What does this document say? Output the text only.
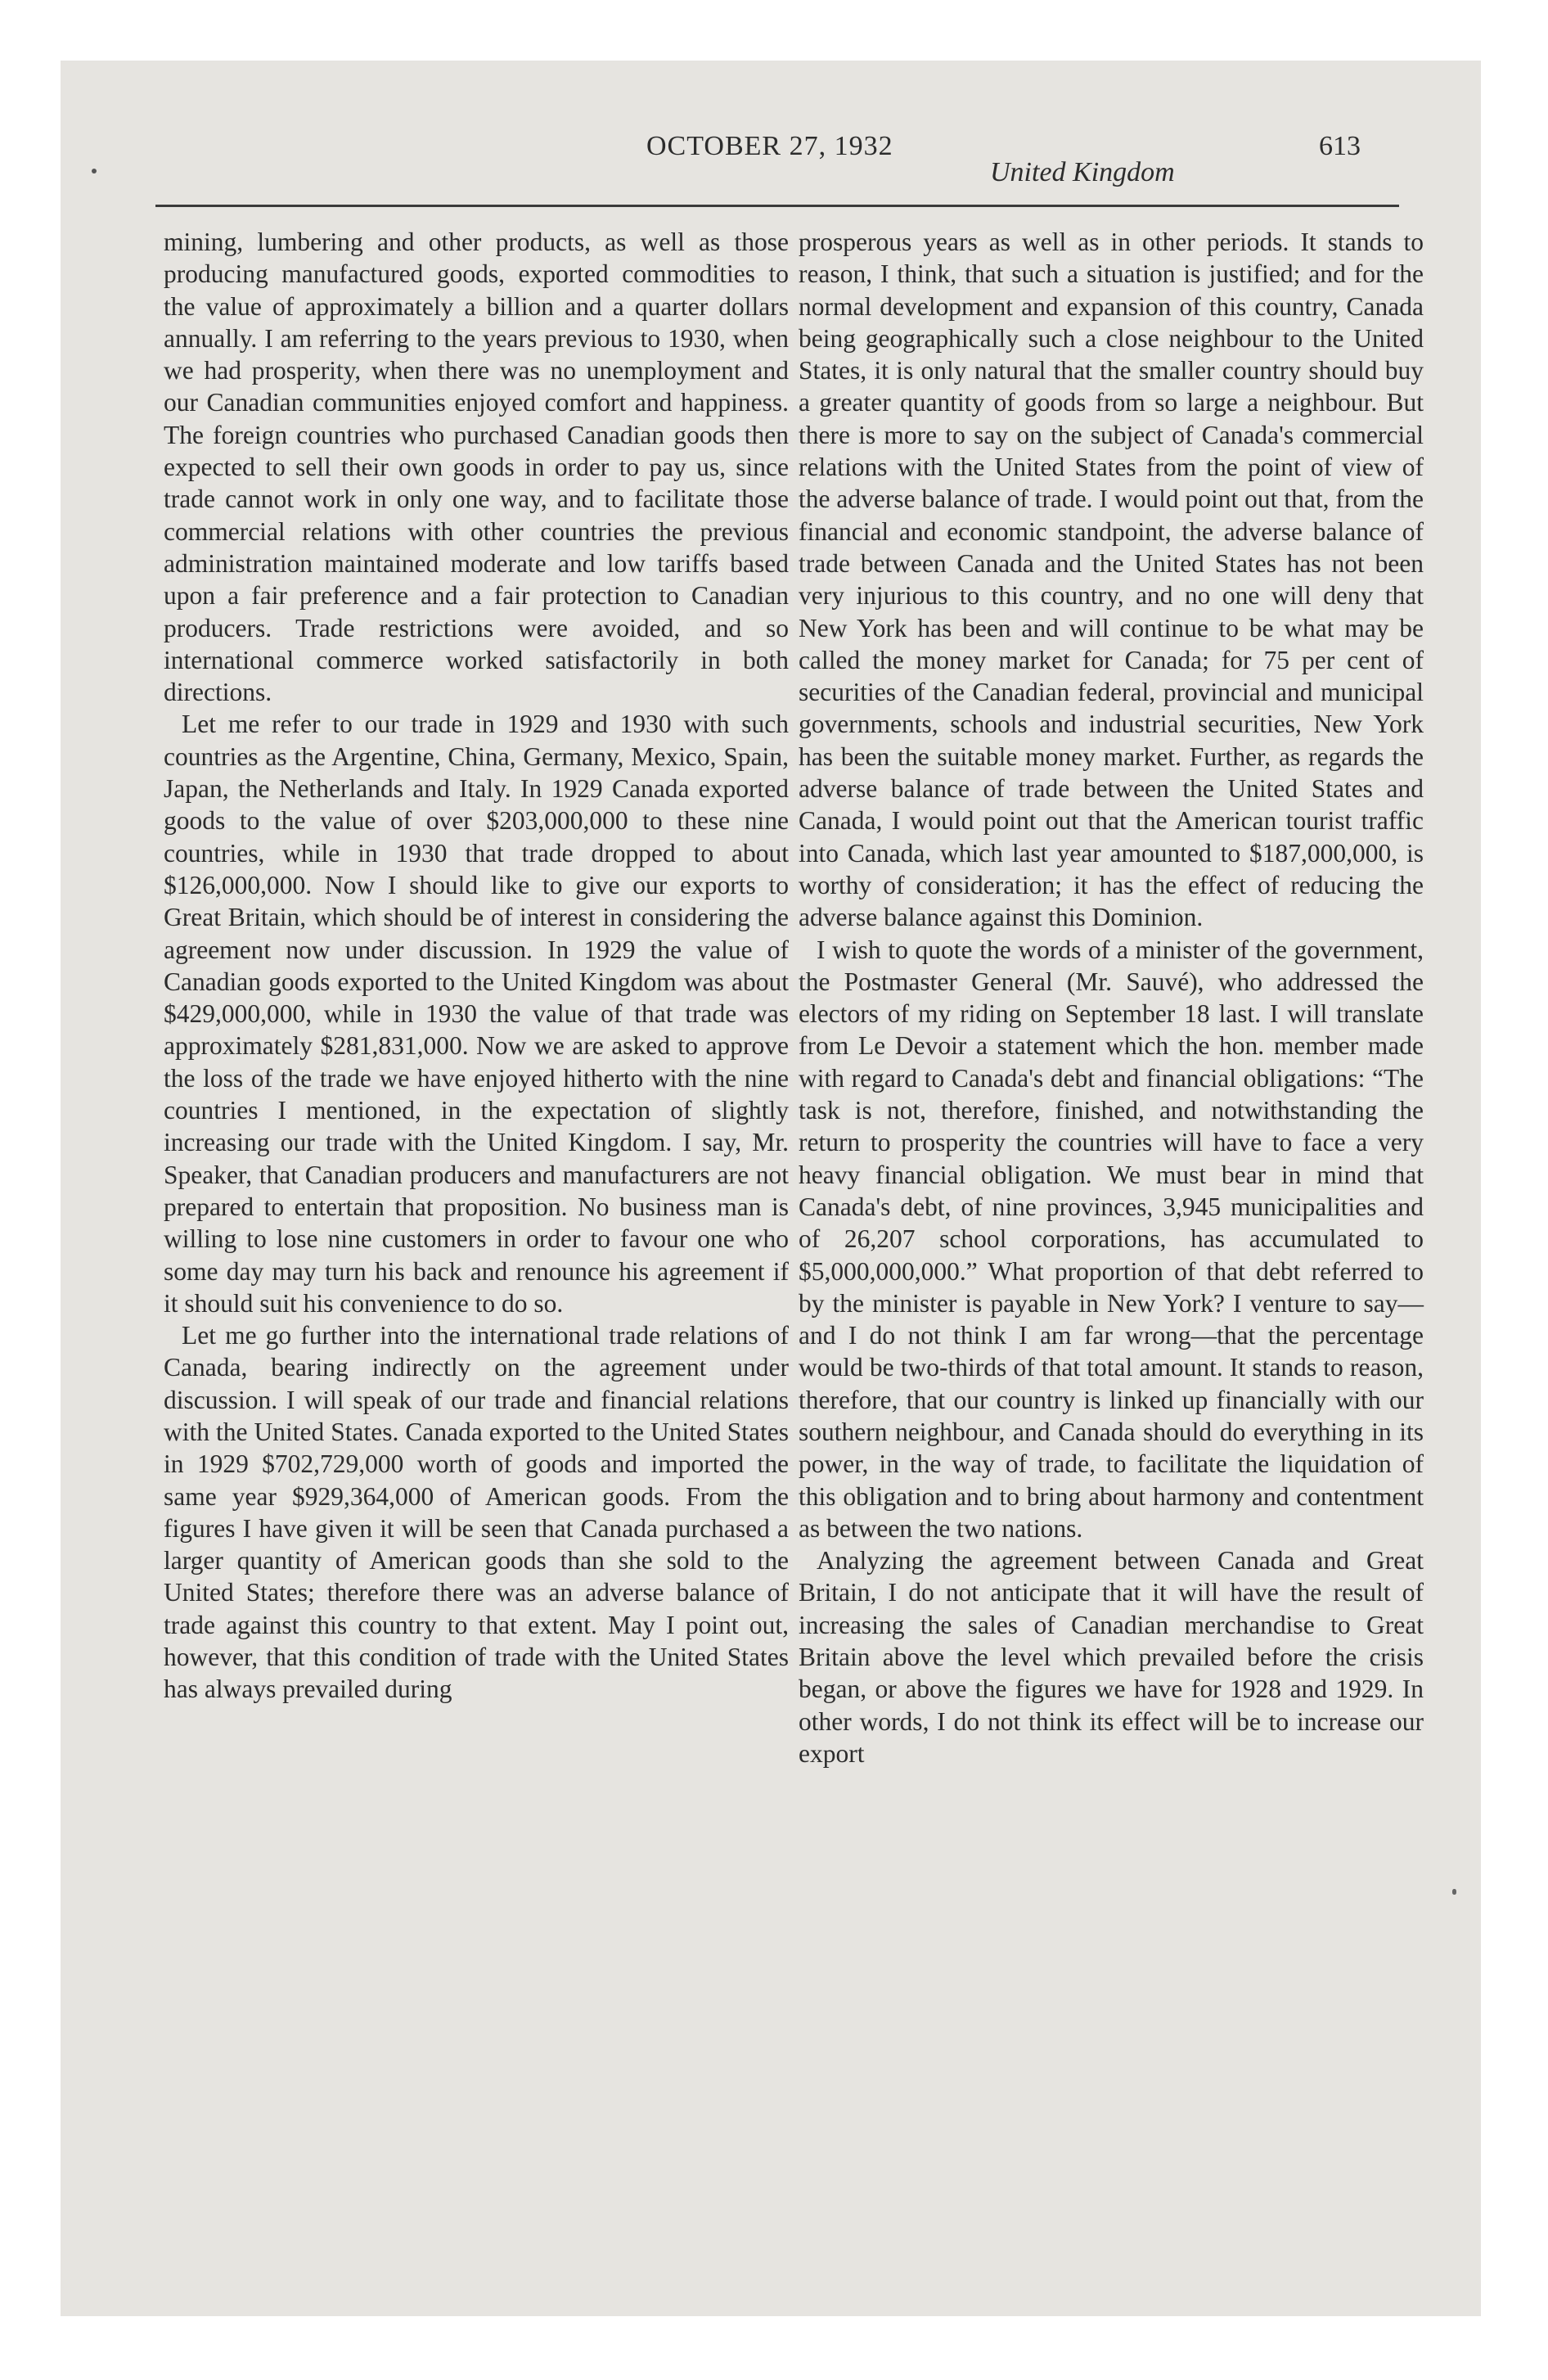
OCTOBER 27, 1932
United Kingdom
613

mining, lumbering and other products, as well as those producing manufactured goods, exported commodities to the value of approximately a billion and a quarter dollars annually. I am referring to the years previous to 1930, when we had prosperity, when there was no unemployment and our Canadian communities enjoyed comfort and happiness. The foreign countries who purchased Canadian goods then expected to sell their own goods in order to pay us, since trade cannot work in only one way, and to facilitate those commercial relations with other countries the previous administration maintained moderate and low tariffs based upon a fair preference and a fair protection to Canadian producers. Trade restrictions were avoided, and so international commerce worked satisfactorily in both directions.

Let me refer to our trade in 1929 and 1930 with such countries as the Argentine, China, Germany, Mexico, Spain, Japan, the Netherlands and Italy. In 1929 Canada exported goods to the value of over $203,000,000 to these nine countries, while in 1930 that trade dropped to about $126,000,000. Now I should like to give our exports to Great Britain, which should be of interest in considering the agreement now under discussion. In 1929 the value of Canadian goods exported to the United Kingdom was about $429,000,000, while in 1930 the value of that trade was approximately $281,831,000. Now we are asked to approve the loss of the trade we have enjoyed hitherto with the nine countries I mentioned, in the expectation of slightly increasing our trade with the United Kingdom. I say, Mr. Speaker, that Canadian producers and manufacturers are not prepared to entertain that proposition. No business man is willing to lose nine customers in order to favour one who some day may turn his back and renounce his agreement if it should suit his convenience to do so.

Let me go further into the international trade relations of Canada, bearing indirectly on the agreement under discussion. I will speak of our trade and financial relations with the United States. Canada exported to the United States in 1929 $702,729,000 worth of goods and imported the same year $929,364,000 of American goods. From the figures I have given it will be seen that Canada purchased a larger quantity of American goods than she sold to the United States; therefore there was an adverse balance of trade against this country to that extent. May I point out, however, that this condition of trade with the United States has always prevailed during

prosperous years as well as in other periods. It stands to reason, I think, that such a situation is justified; and for the normal development and expansion of this country, Canada being geographically such a close neighbour to the United States, it is only natural that the smaller country should buy a greater quantity of goods from so large a neighbour. But there is more to say on the subject of Canada's commercial relations with the United States from the point of view of the adverse balance of trade. I would point out that, from the financial and economic standpoint, the adverse balance of trade between Canada and the United States has not been very injurious to this country, and no one will deny that New York has been and will continue to be what may be called the money market for Canada; for 75 per cent of securities of the Canadian federal, provincial and municipal governments, schools and industrial securities, New York has been the suitable money market. Further, as regards the adverse balance of trade between the United States and Canada, I would point out that the American tourist traffic into Canada, which last year amounted to $187,000,000, is worthy of consideration; it has the effect of reducing the adverse balance against this Dominion.

I wish to quote the words of a minister of the government, the Postmaster General (Mr. Sauvé), who addressed the electors of my riding on September 18 last. I will translate from Le Devoir a statement which the hon. member made with regard to Canada's debt and financial obligations: “The task is not, therefore, finished, and notwithstanding the return to prosperity the countries will have to face a very heavy financial obligation. We must bear in mind that Canada's debt, of nine provinces, 3,945 municipalities and of 26,207 school corporations, has accumulated to $5,000,000,000.” What proportion of that debt referred to by the minister is payable in New York? I venture to say—and I do not think I am far wrong—that the percentage would be two-thirds of that total amount. It stands to reason, therefore, that our country is linked up financially with our southern neighbour, and Canada should do everything in its power, in the way of trade, to facilitate the liquidation of this obligation and to bring about harmony and contentment as between the two nations.

Analyzing the agreement between Canada and Great Britain, I do not anticipate that it will have the result of increasing the sales of Canadian merchandise to Great Britain above the level which prevailed before the crisis began, or above the figures we have for 1928 and 1929. In other words, I do not think its effect will be to increase our export
